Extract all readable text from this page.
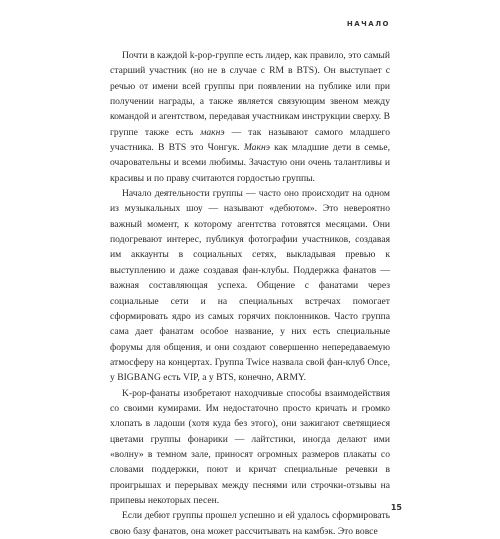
НАЧАЛО

Почти в каждой k-pop-группе есть лидер, как правило, это самый старший участник (но не в случае с RM в BTS). Он выступает с речью от имени всей группы при появлении на публике или при получении награды, а также является связующим звеном между командой и агентством, передавая участникам инструкции сверху. В группе также есть макнэ — так называют самого младшего участника. В BTS это Чонгук. Макнэ как младшие дети в семье, очаровательны и всеми любимы. Зачастую они очень талантливы и красивы и по праву считаются гордостью группы.

Начало деятельности группы — часто оно происходит на одном из музыкальных шоу — называют «дебютом». Это невероятно важный момент, к которому агентства готовятся месяцами. Они подогревают интерес, публикуя фотографии участников, создавая им аккаунты в социальных сетях, выкладывая превью к выступлению и даже создавая фан-клубы. Поддержка фанатов — важная составляющая успеха. Общение с фанатами через социальные сети и на специальных встречах помогает сформировать ядро из самых горячих поклонников. Часто группа сама дает фанатам особое название, у них есть специальные форумы для общения, и они создают совершенно непередаваемую атмосферу на концертах. Группа Twice назвала свой фан-клуб Once, у BIGBANG есть VIP, а у BTS, конечно, ARMY.

K-pop-фанаты изобретают находчивые способы взаимодействия со своими кумирами. Им недостаточно просто кричать и громко хлопать в ладоши (хотя куда без этого), они зажигают светящиеся цветами группы фонарики — лайтстики, иногда делают ими «волну» в темном зале, приносят огромных размеров плакаты со словами поддержки, поют и кричат специальные речевки в проигрышах и перерывах между песнями или строчки-отзывы на припевы некоторых песен.

Если дебют группы прошел успешно и ей удалось сформировать свою базу фанатов, она может рассчитывать на камбэк. Это вовсе

15
